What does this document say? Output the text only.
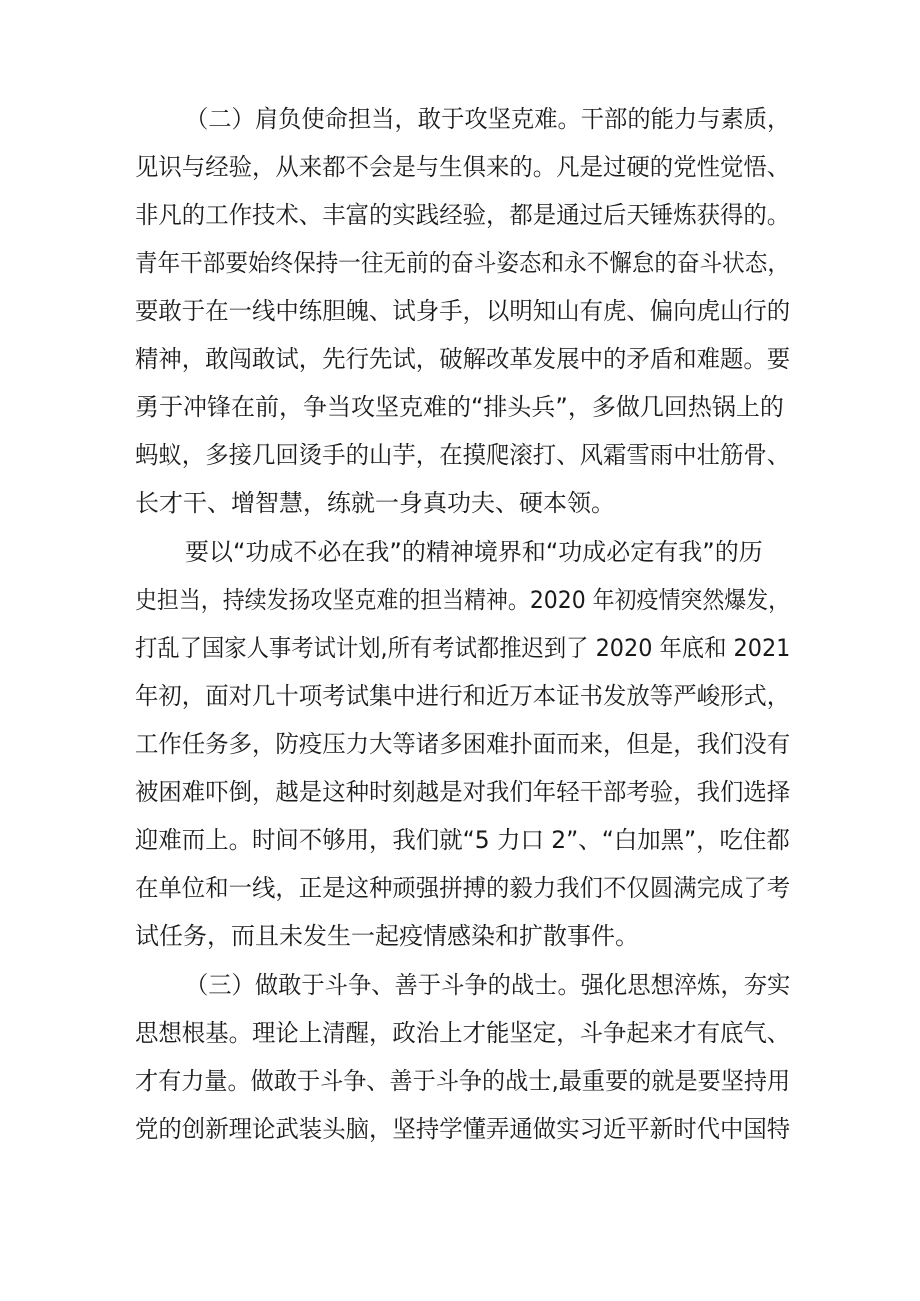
（二）肩负使命担当，敢于攻坚克难。干部的能力与素质，
见识与经验，从来都不会是与生俱来的。凡是过硬的党性觉悟、
非凡的工作技术、丰富的实践经验，都是通过后天锤炼获得的。
青年干部要始终保持一往无前的奋斗姿态和永不懈怠的奋斗状态，
要敢于在一线中练胆魄、试身手，以明知山有虎、偏向虎山行的
精神，敢闯敢试，先行先试，破解改革发展中的矛盾和难题。要
勇于冲锋在前，争当攻坚克难的“排头兵”，多做几回热锅上的
蚂蚁，多接几回烫手的山芋，在摸爬滚打、风霜雪雨中壮筋骨、
长才干、增智慧，练就一身真功夫、硬本领。
要以“功成不必在我”的精神境界和“功成必定有我”的历
史担当，持续发扬攻坚克难的担当精神。2020 年初疫情突然爆发，
打乱了国家人事考试计划,所有考试都推迟到了 2020 年底和 2021
年初，面对几十项考试集中进行和近万本证书发放等严峻形式，
工作任务多，防疫压力大等诸多困难扑面而来，但是，我们没有
被困难吓倒，越是这种时刻越是对我们年轻干部考验，我们选择
迎难而上。时间不够用，我们就“5 力口 2”、“白加黑”，吃住都
在单位和一线，正是这种顽强拼搏的毅力我们不仅圆满完成了考
试任务，而且未发生一起疫情感染和扩散事件。
（三）做敢于斗争、善于斗争的战士。强化思想淬炼，夯实
思想根基。理论上清醒，政治上才能坚定，斗争起来才有底气、
才有力量。做敢于斗争、善于斗争的战士,最重要的就是要坚持用
党的创新理论武装头脑，坚持学懂弄通做实习近平新时代中国特
